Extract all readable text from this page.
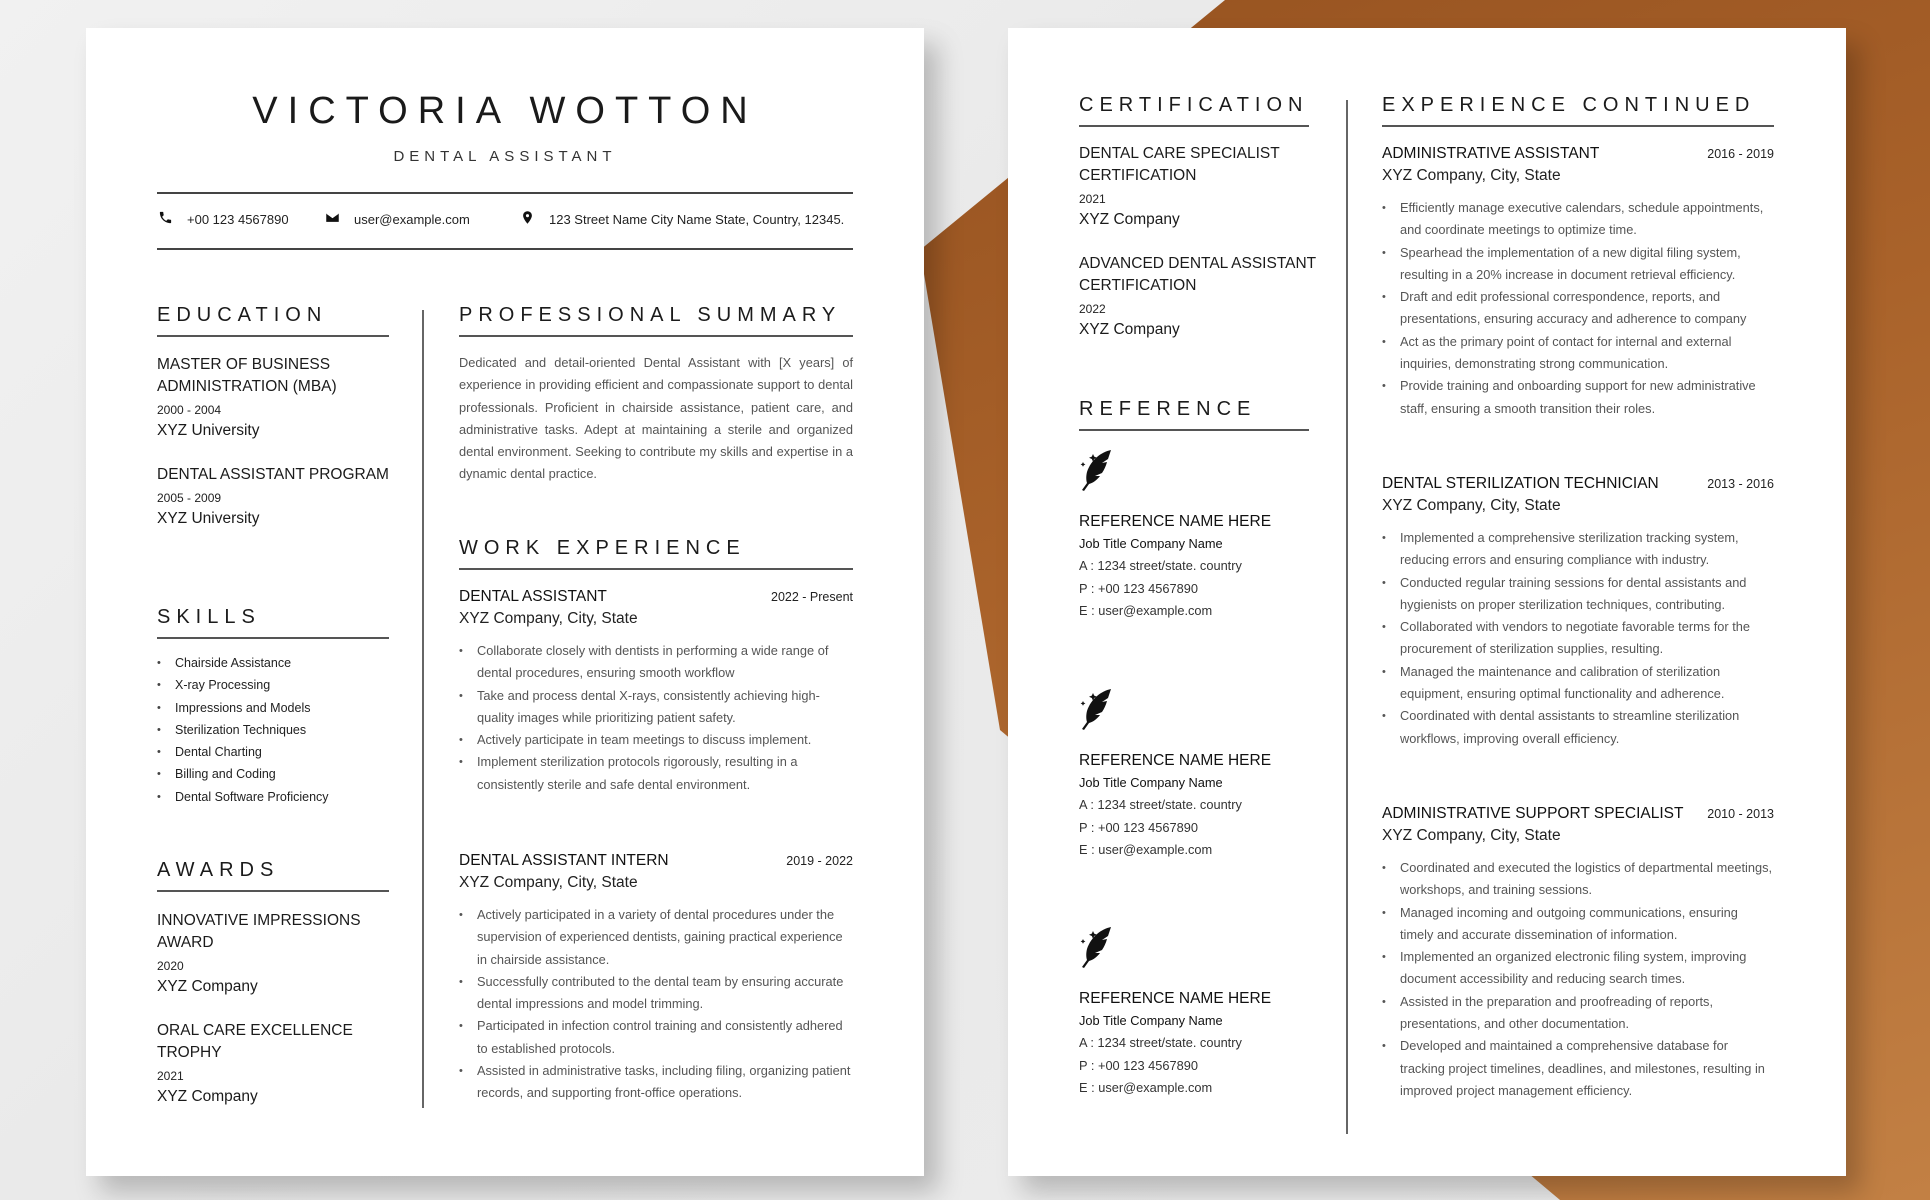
VICTORIA WOTTON
DENTAL ASSISTANT
+00 123 4567890	user@example.com	123 Street Name City Name State, Country, 12345.
EDUCATION
MASTER OF BUSINESS ADMINISTRATION (MBA)
2000 - 2004
XYZ University
DENTAL ASSISTANT PROGRAM
2005 - 2009
XYZ University
SKILLS
• Chairside Assistance
• X-ray Processing
• Impressions and Models
• Sterilization Techniques
• Dental Charting
• Billing and Coding
• Dental Software Proficiency
AWARDS
INNOVATIVE IMPRESSIONS AWARD
2020
XYZ Company
ORAL CARE EXCELLENCE TROPHY
2021
XYZ Company
PROFESSIONAL SUMMARY

Dedicated and detail-oriented Dental Assistant with [X years] of experience in providing efficient and compassionate support to dental professionals. Proficient in chairside assistance, patient care, and administrative tasks. Adept at maintaining a sterile and organized dental environment. Seeking to contribute my skills and expertise in a dynamic dental practice.

WORK EXPERIENCE
DENTAL ASSISTANT	2022 - Present
XYZ Company, City, State
• Collaborate closely with dentists in performing a wide range of dental procedures, ensuring smooth workflow
• Take and process dental X-rays, consistently achieving high-quality images while prioritizing patient safety.
• Actively participate in team meetings to discuss implement.
• Implement sterilization protocols rigorously, resulting in a consistently sterile and safe dental environment.
DENTAL ASSISTANT INTERN	2019 - 2022
XYZ Company, City, State
• Actively participated in a variety of dental procedures under the supervision of experienced dentists, gaining practical experience in chairside assistance.
• Successfully contributed to the dental team by ensuring accurate dental impressions and model trimming.
• Participated in infection control training and consistently adhered to established protocols.
• Assisted in administrative tasks, including filing, organizing patient records, and supporting front-office operations.
CERTIFICATION
DENTAL CARE SPECIALIST CERTIFICATION
2021
XYZ Company
ADVANCED DENTAL ASSISTANT CERTIFICATION
2022
XYZ Company
REFERENCE
REFERENCE NAME HERE
Job Title Company Name
A : 1234 street/state. country
P : +00 123 4567890
E : user@example.com
REFERENCE NAME HERE
Job Title Company Name
A : 1234 street/state. country
P : +00 123 4567890
E : user@example.com
REFERENCE NAME HERE
Job Title Company Name
A : 1234 street/state. country
P : +00 123 4567890
E : user@example.com
EXPERIENCE CONTINUED
ADMINISTRATIVE ASSISTANT	2016 - 2019
XYZ Company, City, State
• Efficiently manage executive calendars, schedule appointments, and coordinate meetings to optimize time.
• Spearhead the implementation of a new digital filing system, resulting in a 20% increase in document retrieval efficiency.
• Draft and edit professional correspondence, reports, and presentations, ensuring accuracy and adherence to company
• Act as the primary point of contact for internal and external inquiries, demonstrating strong communication.
• Provide training and onboarding support for new administrative staff, ensuring a smooth transition their roles.
DENTAL STERILIZATION TECHNICIAN	2013 - 2016
XYZ Company, City, State
• Implemented a comprehensive sterilization tracking system, reducing errors and ensuring compliance with industry.
• Conducted regular training sessions for dental assistants and hygienists on proper sterilization techniques, contributing.
• Collaborated with vendors to negotiate favorable terms for the procurement of sterilization supplies, resulting.
• Managed the maintenance and calibration of sterilization equipment, ensuring optimal functionality and adherence.
• Coordinated with dental assistants to streamline sterilization workflows, improving overall efficiency.
ADMINISTRATIVE SUPPORT SPECIALIST 2010 - 2013
XYZ Company, City, State
• Coordinated and executed the logistics of departmental meetings, workshops, and training sessions.
• Managed incoming and outgoing communications, ensuring timely and accurate dissemination of information.
• Implemented an organized electronic filing system, improving document accessibility and reducing search times.
• Assisted in the preparation and proofreading of reports, presentations, and other documentation.
• Developed and maintained a comprehensive database for tracking project timelines, deadlines, and milestones, resulting in improved project management efficiency.
